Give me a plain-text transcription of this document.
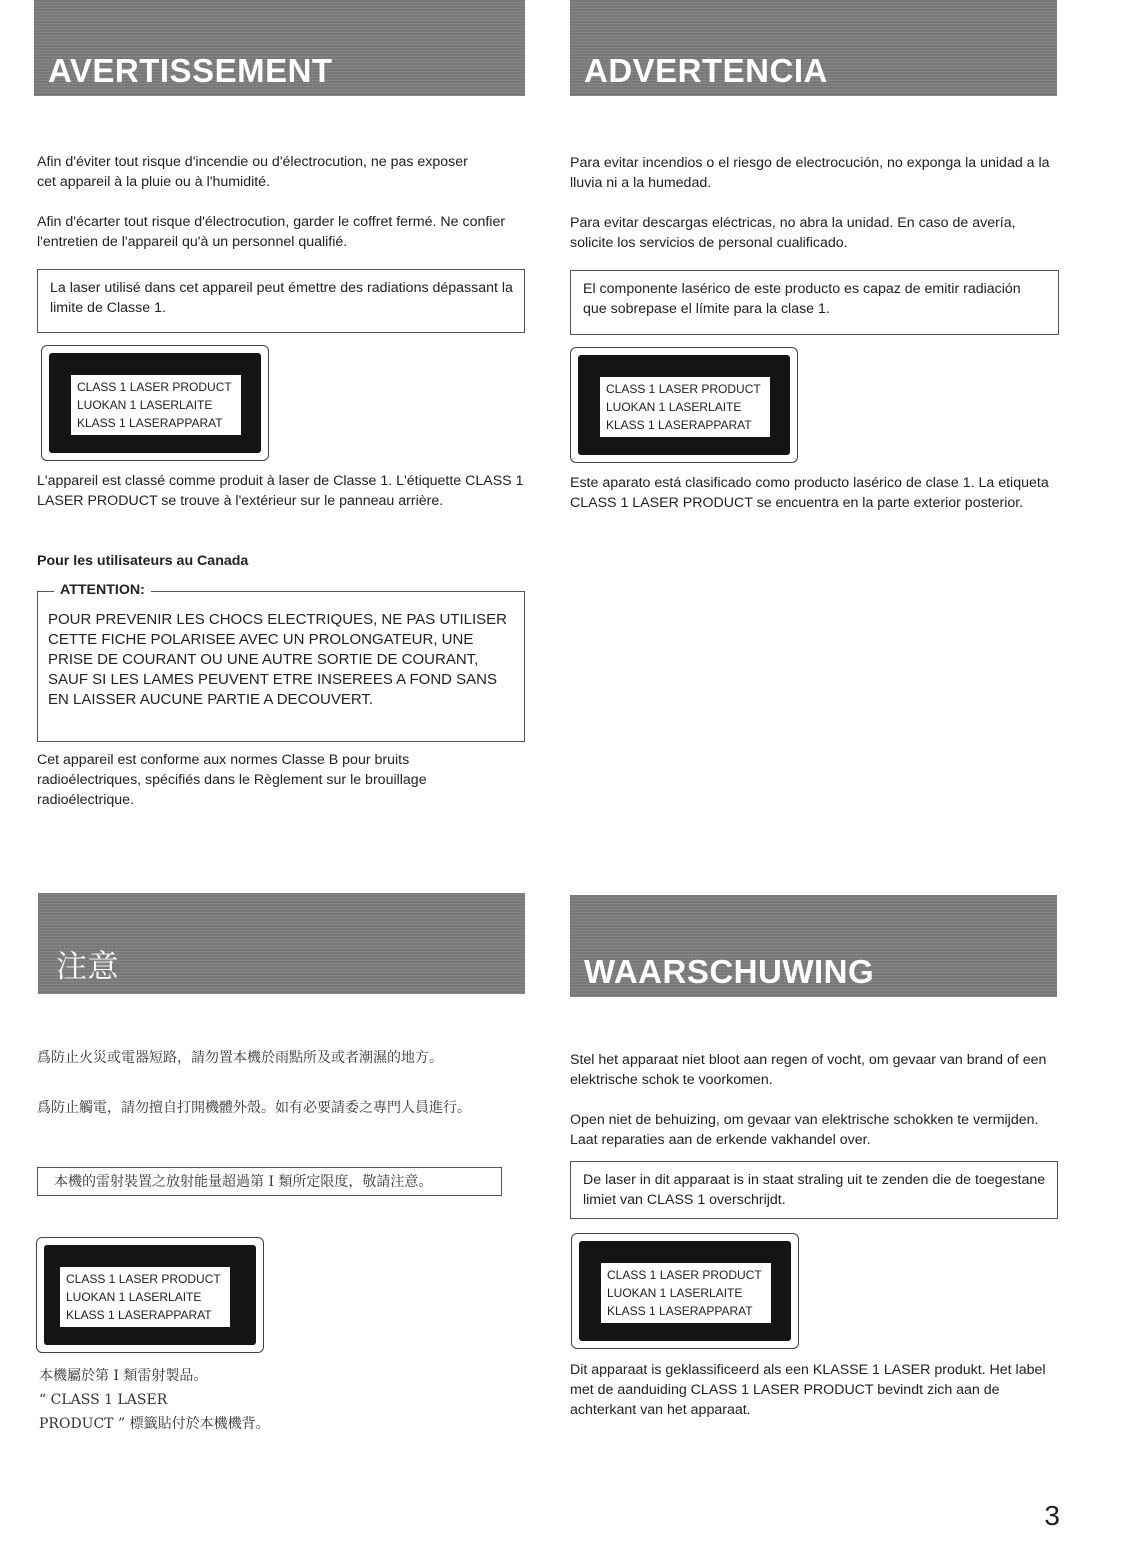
AVERTISSEMENT

Afin d'éviter tout risque d'incendie ou d'électrocution, ne pas exposer cet appareil à la pluie ou à l'humidité.

Afin d'écarter tout risque d'électrocution, garder le coffret fermé. Ne confier l'entretien de l'appareil qu'à un personnel qualifié.

La laser utilisé dans cet appareil peut émettre des radiations dépassant la limite de Classe 1.
CLASS 1 LASER PRODUCT
LUOKAN 1 LASERLAITE
KLASS 1 LASERAPPARAT

L'appareil est classé comme produit à laser de Classe 1. L'étiquette CLASS 1 LASER PRODUCT se trouve à l'extérieur sur le panneau arrière.

Pour les utilisateurs au Canada

ATTENTION:
POUR PREVENIR LES CHOCS ELECTRIQUES, NE PAS UTILISER CETTE FICHE POLARISEE AVEC UN PROLONGATEUR, UNE PRISE DE COURANT OU UNE AUTRE SORTIE DE COURANT, SAUF SI LES LAMES PEUVENT ETRE INSEREES A FOND SANS EN LAISSER AUCUNE PARTIE A DECOUVERT.

Cet appareil est conforme aux normes Classe B pour bruits radioélectriques, spécifiés dans le Règlement sur le brouillage radioélectrique.

ADVERTENCIA

Para evitar incendios o el riesgo de electrocución, no exponga la unidad a la lluvia ni a la humedad.

Para evitar descargas eléctricas, no abra la unidad. En caso de avería, solicite los servicios de personal cualificado.

El componente lasérico de este producto es capaz de emitir radiación que sobrepase el límite para la clase 1.
CLASS 1 LASER PRODUCT
LUOKAN 1 LASERLAITE
KLASS 1 LASERAPPARAT

Este aparato está clasificado como producto lasérico de clase 1. La etiqueta CLASS 1 LASER PRODUCT se encuentra en la parte exterior posterior.

注意

爲防止火災或電器短路，請勿置本機於雨點所及或者潮濕的地方。

爲防止觸電，請勿擅自打開機體外殼。如有必要請委之專門人員進行。

本機的雷射裝置之放射能量超過第 I 類所定限度，敬請注意。
CLASS 1 LASER PRODUCT
LUOKAN 1 LASERLAITE
KLASS 1 LASERAPPARAT
本機屬於第 I 類雷射製品。
“ CLASS 1 LASER
PRODUCT ” 標籤貼付於本機機背。
WAARSCHUWING

Stel het apparaat niet bloot aan regen of vocht, om gevaar van brand of een elektrische schok te voorkomen.

Open niet de behuizing, om gevaar van elektrische schokken te vermijden. Laat reparaties aan de erkende vakhandel over.

De laser in dit apparaat is in staat straling uit te zenden die de toegestane limiet van CLASS 1 overschrijdt.
CLASS 1 LASER PRODUCT
LUOKAN 1 LASERLAITE
KLASS 1 LASERAPPARAT

Dit apparaat is geklassificeerd als een KLASSE 1 LASER produkt. Het label met de aanduiding CLASS 1 LASER PRODUCT bevindt zich aan de achterkant van het apparaat.

3
